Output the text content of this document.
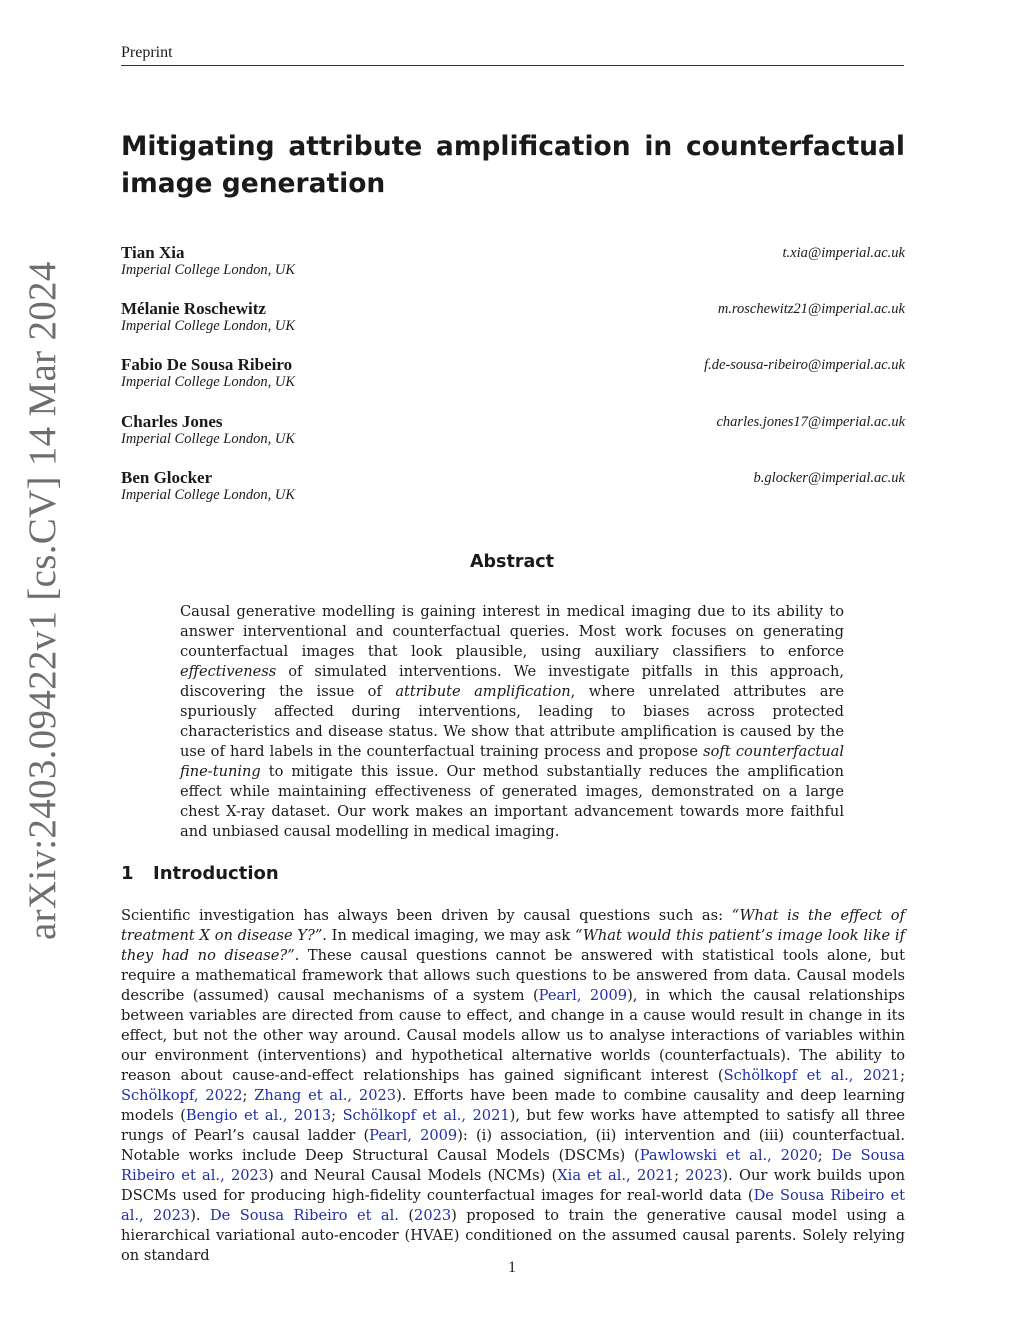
Preprint
arXiv:2403.09422v1 [cs.CV] 14 Mar 2024
Mitigating attribute amplification in counterfactual image generation
Tian Xia	t.xia@imperial.ac.uk
Imperial College London, UK
Mélanie Roschewitz	m.roschewitz21@imperial.ac.uk
Imperial College London, UK
Fabio De Sousa Ribeiro	f.de-sousa-ribeiro@imperial.ac.uk
Imperial College London, UK
Charles Jones	charles.jones17@imperial.ac.uk
Imperial College London, UK
Ben Glocker	b.glocker@imperial.ac.uk
Imperial College London, UK
Abstract
Causal generative modelling is gaining interest in medical imaging due to its ability to answer interventional and counterfactual queries. Most work focuses on generating counterfactual images that look plausible, using auxiliary classifiers to enforce effectiveness of simulated interventions. We investigate pitfalls in this approach, discovering the issue of attribute amplification, where unrelated attributes are spuriously affected during interventions, leading to biases across protected characteristics and disease status. We show that attribute amplification is caused by the use of hard labels in the counterfactual training process and propose soft counterfactual fine-tuning to mitigate this issue. Our method substantially reduces the amplification effect while maintaining effectiveness of generated images, demonstrated on a large chest X-ray dataset. Our work makes an important advancement towards more faithful and unbiased causal modelling in medical imaging.
1 Introduction
Scientific investigation has always been driven by causal questions such as: “What is the effect of treatment X on disease Y?”. In medical imaging, we may ask “What would this patient’s image look like if they had no disease?”. These causal questions cannot be answered with statistical tools alone, but require a mathematical framework that allows such questions to be answered from data. Causal models describe (assumed) causal mechanisms of a system (Pearl, 2009), in which the causal relationships between variables are directed from cause to effect, and change in a cause would result in change in its effect, but not the other way around. Causal models allow us to analyse interactions of variables within our environment (interventions) and hypothetical alternative worlds (counterfactuals). The ability to reason about cause-and-effect relationships has gained significant interest (Schölkopf et al., 2021; Schölkopf, 2022; Zhang et al., 2023). Efforts have been made to combine causality and deep learning models (Bengio et al., 2013; Schölkopf et al., 2021), but few works have attempted to satisfy all three rungs of Pearl’s causal ladder (Pearl, 2009): (i) association, (ii) intervention and (iii) counterfactual. Notable works include Deep Structural Causal Models (DSCMs) (Pawlowski et al., 2020; De Sousa Ribeiro et al., 2023) and Neural Causal Models (NCMs) (Xia et al., 2021; 2023). Our work builds upon DSCMs used for producing high-fidelity counterfactual images for real-world data (De Sousa Ribeiro et al., 2023). De Sousa Ribeiro et al. (2023) proposed to train the generative causal model using a hierarchical variational auto-encoder (HVAE) conditioned on the assumed causal parents. Solely relying on standard
1
